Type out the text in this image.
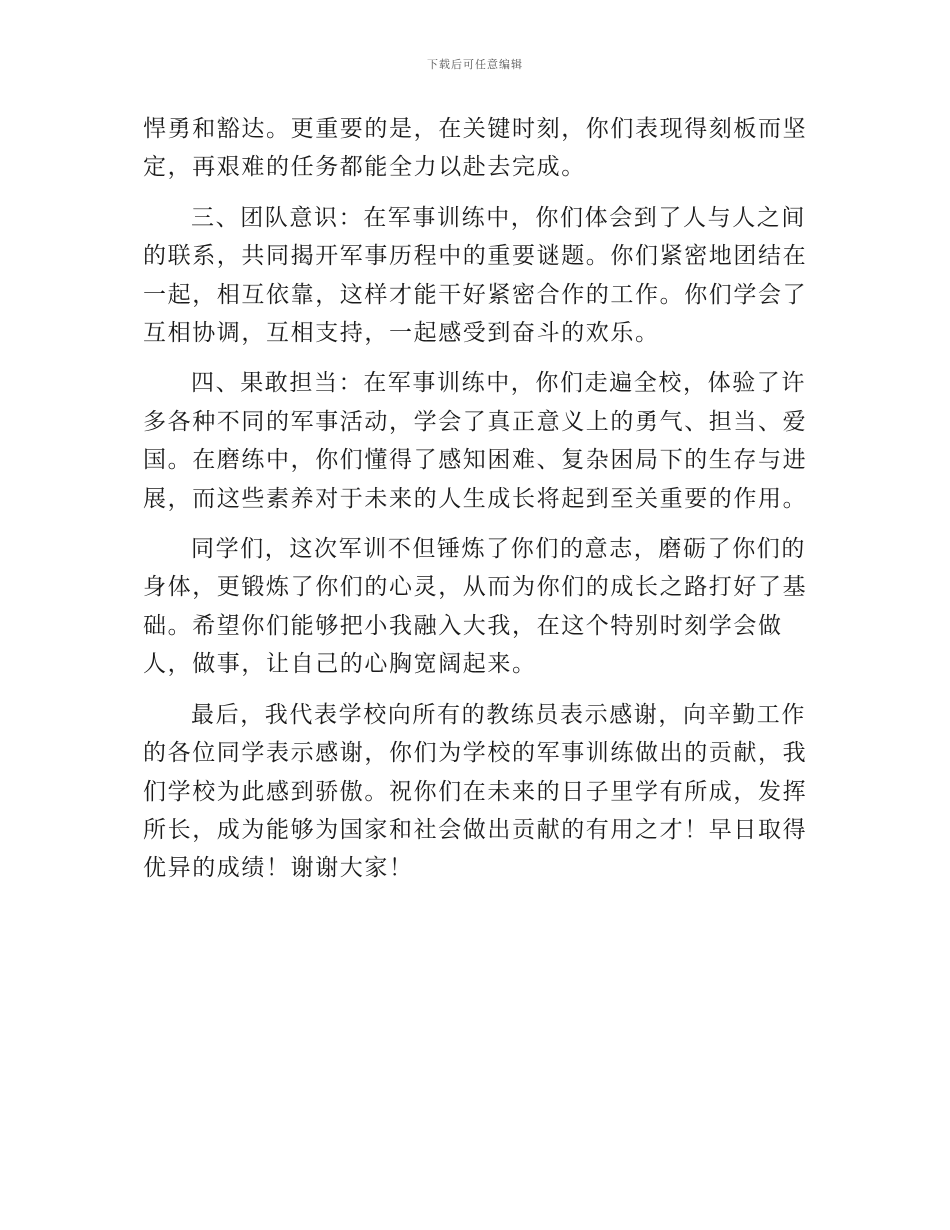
下载后可任意编辑

悍勇和豁达。更重要的是，在关键时刻，你们表现得刻板而坚定，再艰难的任务都能全力以赴去完成。

三、团队意识：在军事训练中，你们体会到了人与人之间的联系，共同揭开军事历程中的重要谜题。你们紧密地团结在一起，相互依靠，这样才能干好紧密合作的工作。你们学会了互相协调，互相支持，一起感受到奋斗的欢乐。

四、果敢担当：在军事训练中，你们走遍全校，体验了许多各种不同的军事活动，学会了真正意义上的勇气、担当、爱国。在磨练中，你们懂得了感知困难、复杂困局下的生存与进展，而这些素养对于未来的人生成长将起到至关重要的作用。

同学们，这次军训不但锤炼了你们的意志，磨砺了你们的身体，更锻炼了你们的心灵，从而为你们的成长之路打好了基础。希望你们能够把小我融入大我，在这个特别时刻学会做人，做事，让自己的心胸宽阔起来。

最后，我代表学校向所有的教练员表示感谢，向辛勤工作的各位同学表示感谢，你们为学校的军事训练做出的贡献，我们学校为此感到骄傲。祝你们在未来的日子里学有所成，发挥所长，成为能够为国家和社会做出贡献的有用之才！早日取得优异的成绩！谢谢大家！
